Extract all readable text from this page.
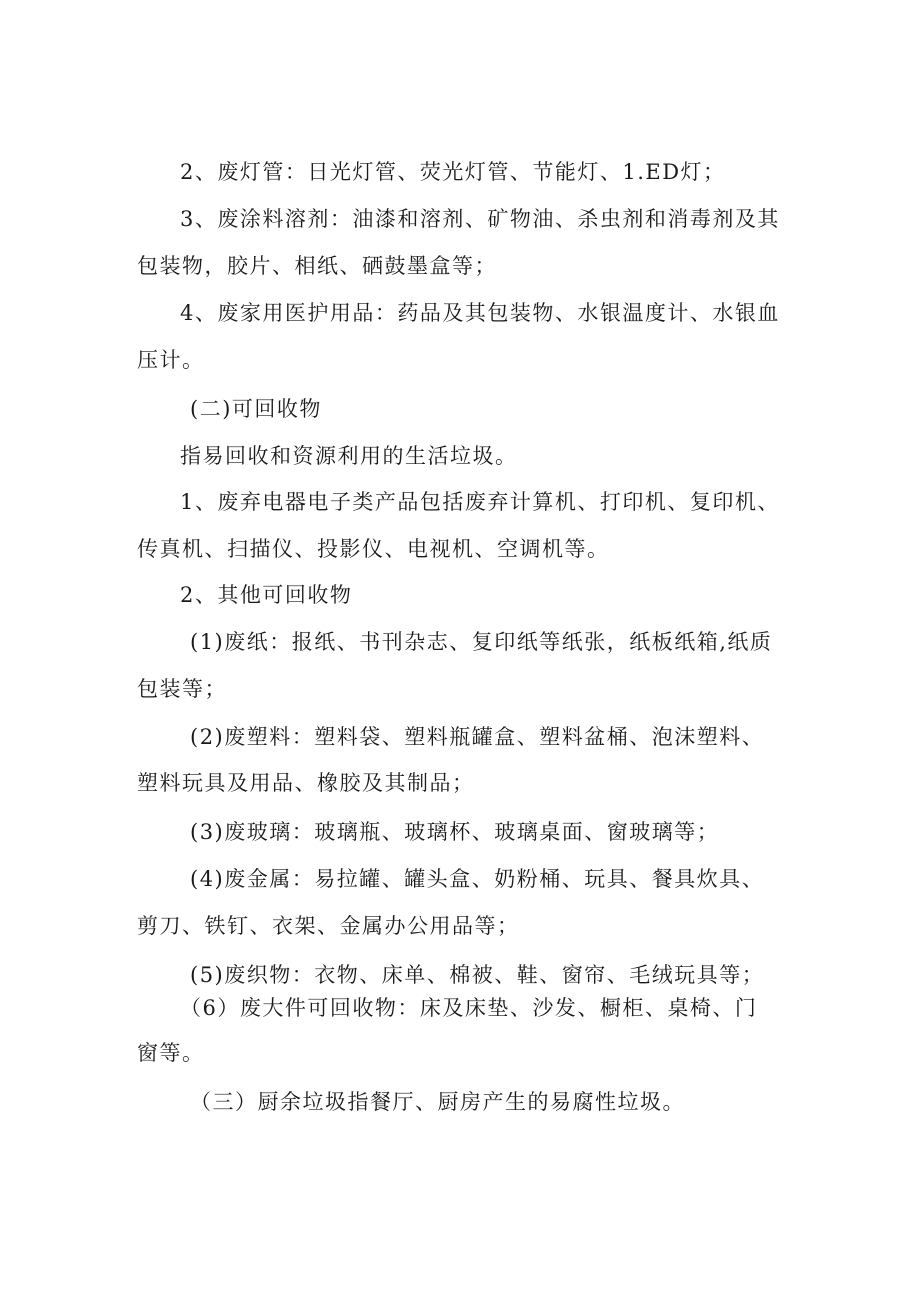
2、废灯管：日光灯管、荧光灯管、节能灯、1.ED灯；
3、废涂料溶剂：油漆和溶剂、矿物油、杀虫剂和消毒剂及其
包装物，胶片、相纸、硒鼓墨盒等；
4、废家用医护用品：药品及其包装物、水银温度计、水银血
压计。
(二)可回收物
指易回收和资源利用的生活垃圾。
1、废弃电器电子类产品包括废弃计算机、打印机、复印机、
传真机、扫描仪、投影仪、电视机、空调机等。
2、其他可回收物
(1)废纸：报纸、书刊杂志、复印纸等纸张，纸板纸箱,纸质
包装等；
(2)废塑料：塑料袋、塑料瓶罐盒、塑料盆桶、泡沫塑料、
塑料玩具及用品、橡胶及其制品；
(3)废玻璃：玻璃瓶、玻璃杯、玻璃桌面、窗玻璃等；
(4)废金属：易拉罐、罐头盒、奶粉桶、玩具、餐具炊具、
剪刀、铁钉、衣架、金属办公用品等；
(5)废织物：衣物、床单、棉被、鞋、窗帘、毛绒玩具等；
（6）废大件可回收物：床及床垫、沙发、橱柜、桌椅、门
窗等。
（三）厨余垃圾指餐厅、厨房产生的易腐性垃圾。
